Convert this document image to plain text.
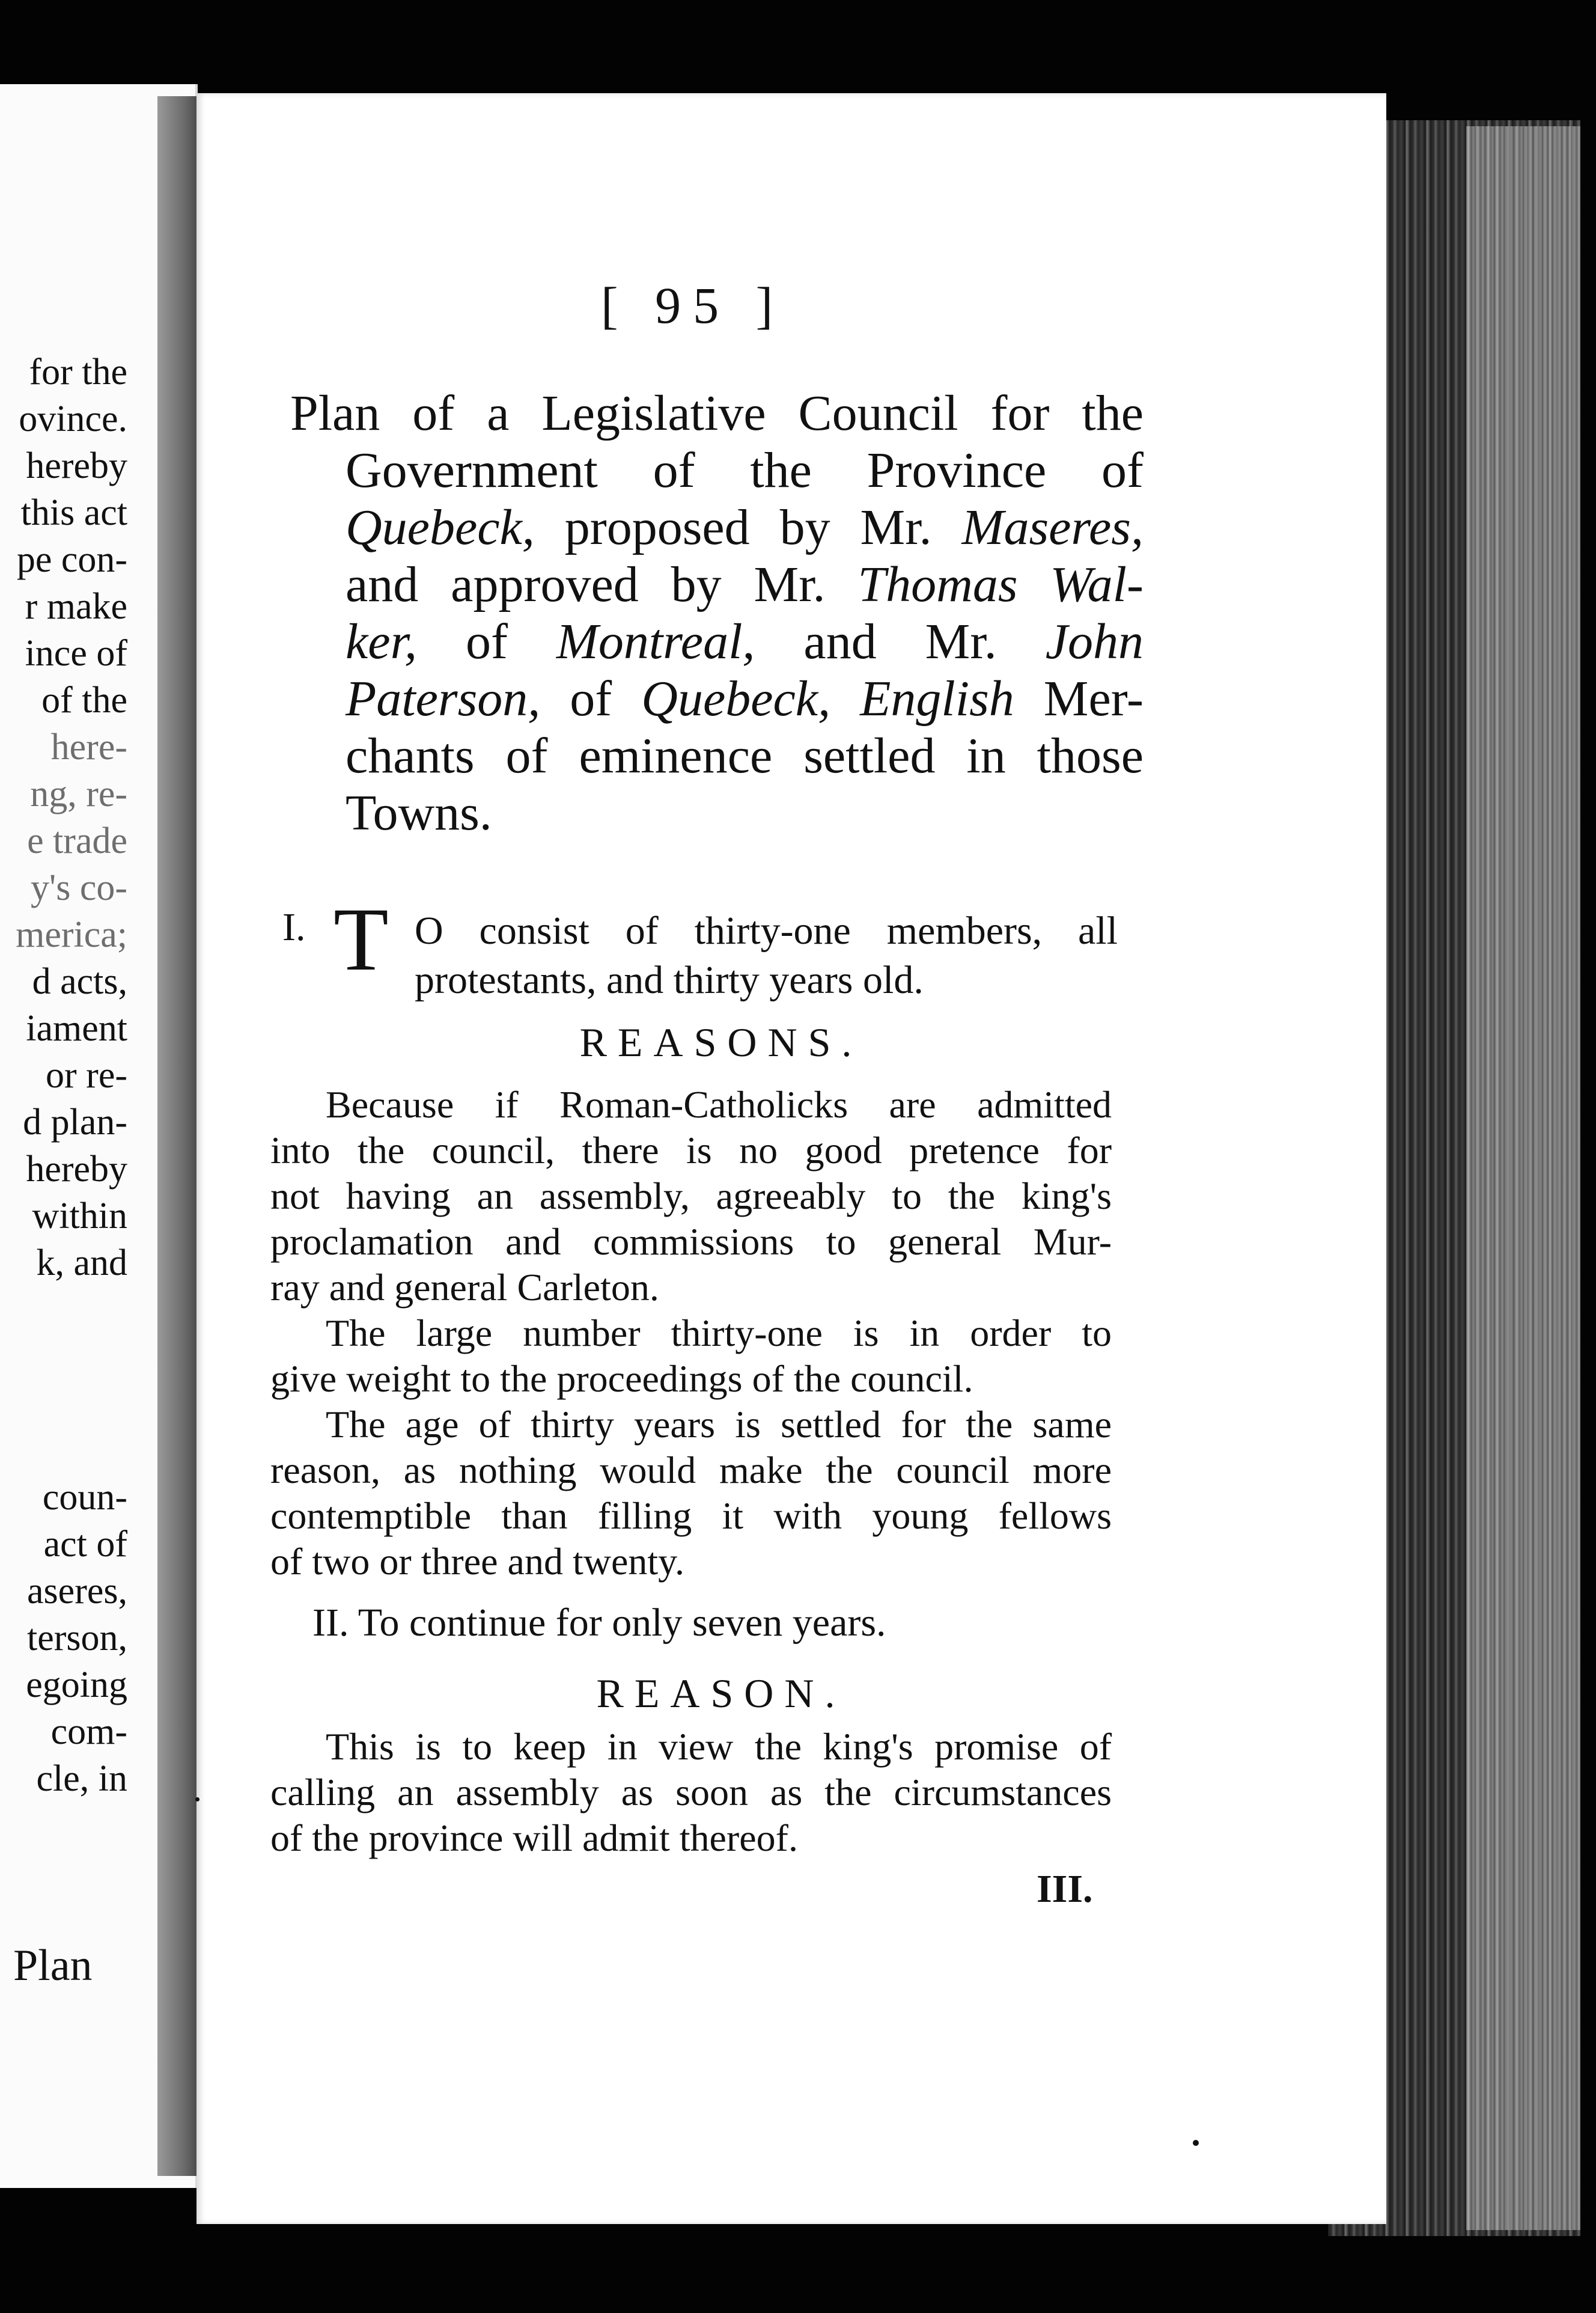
for the
ovince.
hereby
this act
pe con-
r make
ince of
of the
here-
ng, re-
e trade
y's co-
merica;
d acts,
iament
or re-
d plan-
hereby
within
k, and
coun-
act of
aseres,
terson,
egoing
com-
cle, in
Plan
[ 95 ]
Plan of a Legislative Council for the
Government of the Province of
Quebeck, proposed by Mr. Maseres,
and approved by Mr. Thomas Wal-
ker, of Montreal, and Mr. John
Paterson, of Quebeck, English Mer-
chants of eminence settled in those
Towns.
I. T O consist of thirty-one members, all
protestants, and thirty years old.
REASONS.
Because if Roman-Catholicks are admitted
into the council, there is no good pretence for
not having an assembly, agreeably to the king's
proclamation and commissions to general Mur-
ray and general Carleton.
The large number thirty-one is in order to
give weight to the proceedings of the council.
The age of thirty years is settled for the same
reason, as nothing would make the council more
contemptible than filling it with young fellows
of two or three and twenty.
II. To continue for only seven years.
REASON.
This is to keep in view the king's promise of
calling an assembly as soon as the circumstances
of the province will admit thereof.
III.
